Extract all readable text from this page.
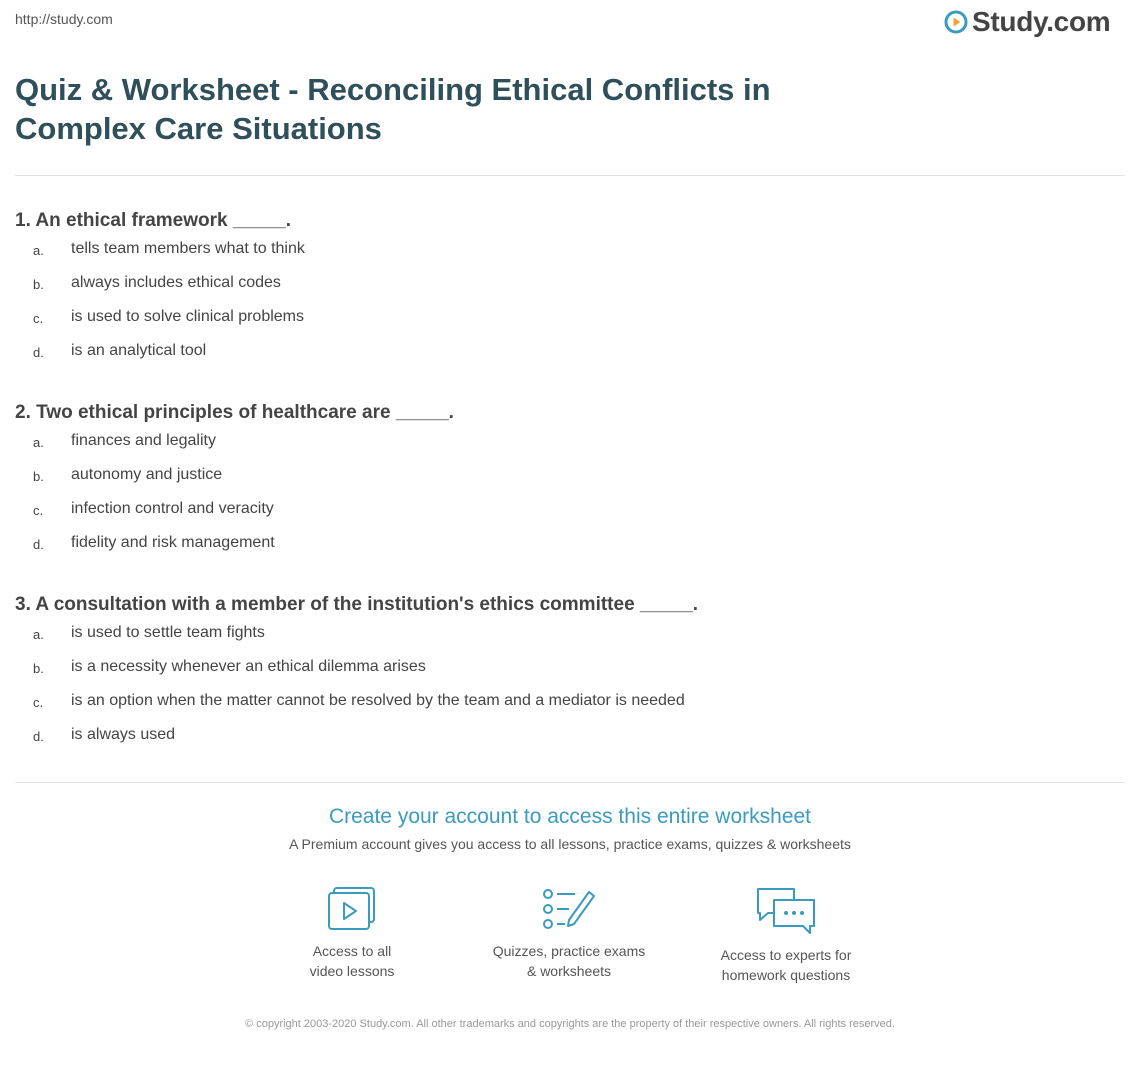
http://study.com	Study.com
Quiz & Worksheet - Reconciling Ethical Conflicts in Complex Care Situations

1. An ethical framework _____.

a. tells team members what to think
b. always includes ethical codes
c. is used to solve clinical problems
d. is an analytical tool

2. Two ethical principles of healthcare are _____.

a. finances and legality
b. autonomy and justice
c. infection control and veracity
d. fidelity and risk management

3. A consultation with a member of the institution's ethics committee _____.

a. is used to settle team fights
b. is a necessity whenever an ethical dilemma arises
c. is an option when the matter cannot be resolved by the team and a mediator is needed
d. is always used
Create your account to access this entire worksheet
A Premium account gives you access to all lessons, practice exams, quizzes & worksheets
Access to all
video lessons
Quizzes, practice exams
& worksheets
Access to experts for
homework questions
© copyright 2003-2020 Study.com. All other trademarks and copyrights are the property of their respective owners. All rights reserved.
